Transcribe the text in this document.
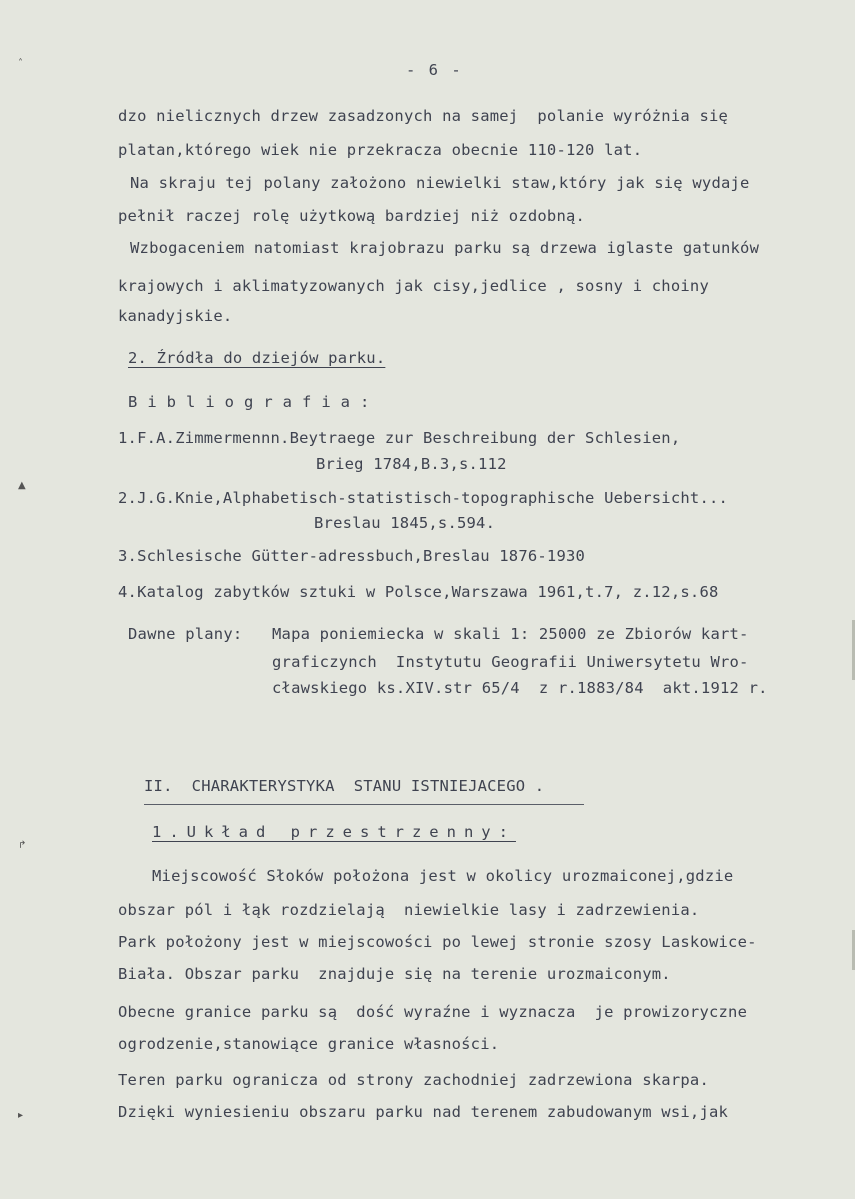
˄
▲
↱
▸
- 6 -
dzo nielicznych drzew zasadzonych na samej  polanie wyróżnia się
platan,którego wiek nie przekracza obecnie 110-120 lat.
Na skraju tej polany założono niewielki staw,który jak się wydaje
pełnił raczej rolę użytkową bardziej niż ozdobną.
Wzbogaceniem natomiast krajobrazu parku są drzewa iglaste gatunków
krajowych i aklimatyzowanych jak cisy,jedlice , sosny i choiny
kanadyjskie.
2. Źródła do dziejów parku.
Bibliografia:
1.F.A.Zimmermennn.Beytraege zur Beschreibung der Schlesien,
Brieg 1784,B.3,s.112
2.J.G.Knie,Alphabetisch-statistisch-topographische Uebersicht...
Breslau 1845,s.594.
3.Schlesische Gütter-adressbuch,Breslau 1876-1930
4.Katalog zabytków sztuki w Polsce,Warszawa 1961,t.7, z.12,s.68
Dawne plany: Mapa poniemiecka w skali 1: 25000 ze Zbiorów kart-
graficzynch  Instytutu Geografii Uniwersytetu Wro-
cławskiego ks.XIV.str 65/4  z r.1883/84  akt.1912 r.
II.  CHARAKTERYSTYKA  STANU ISTNIEJACEGO .
1.Układ przestrzenny:
Miejscowość Słoków położona jest w okolicy urozmaiconej,gdzie
obszar pól i łąk rozdzielają  niewielkie lasy i zadrzewienia.
Park położony jest w miejscowości po lewej stronie szosy Laskowice-
Biała. Obszar parku  znajduje się na terenie urozmaiconym.
Obecne granice parku są  dość wyraźne i wyznacza  je prowizoryczne
ogrodzenie,stanowiące granice własności.
Teren parku ogranicza od strony zachodniej zadrzewiona skarpa.
Dzięki wyniesieniu obszaru parku nad terenem zabudowanym wsi,jak
